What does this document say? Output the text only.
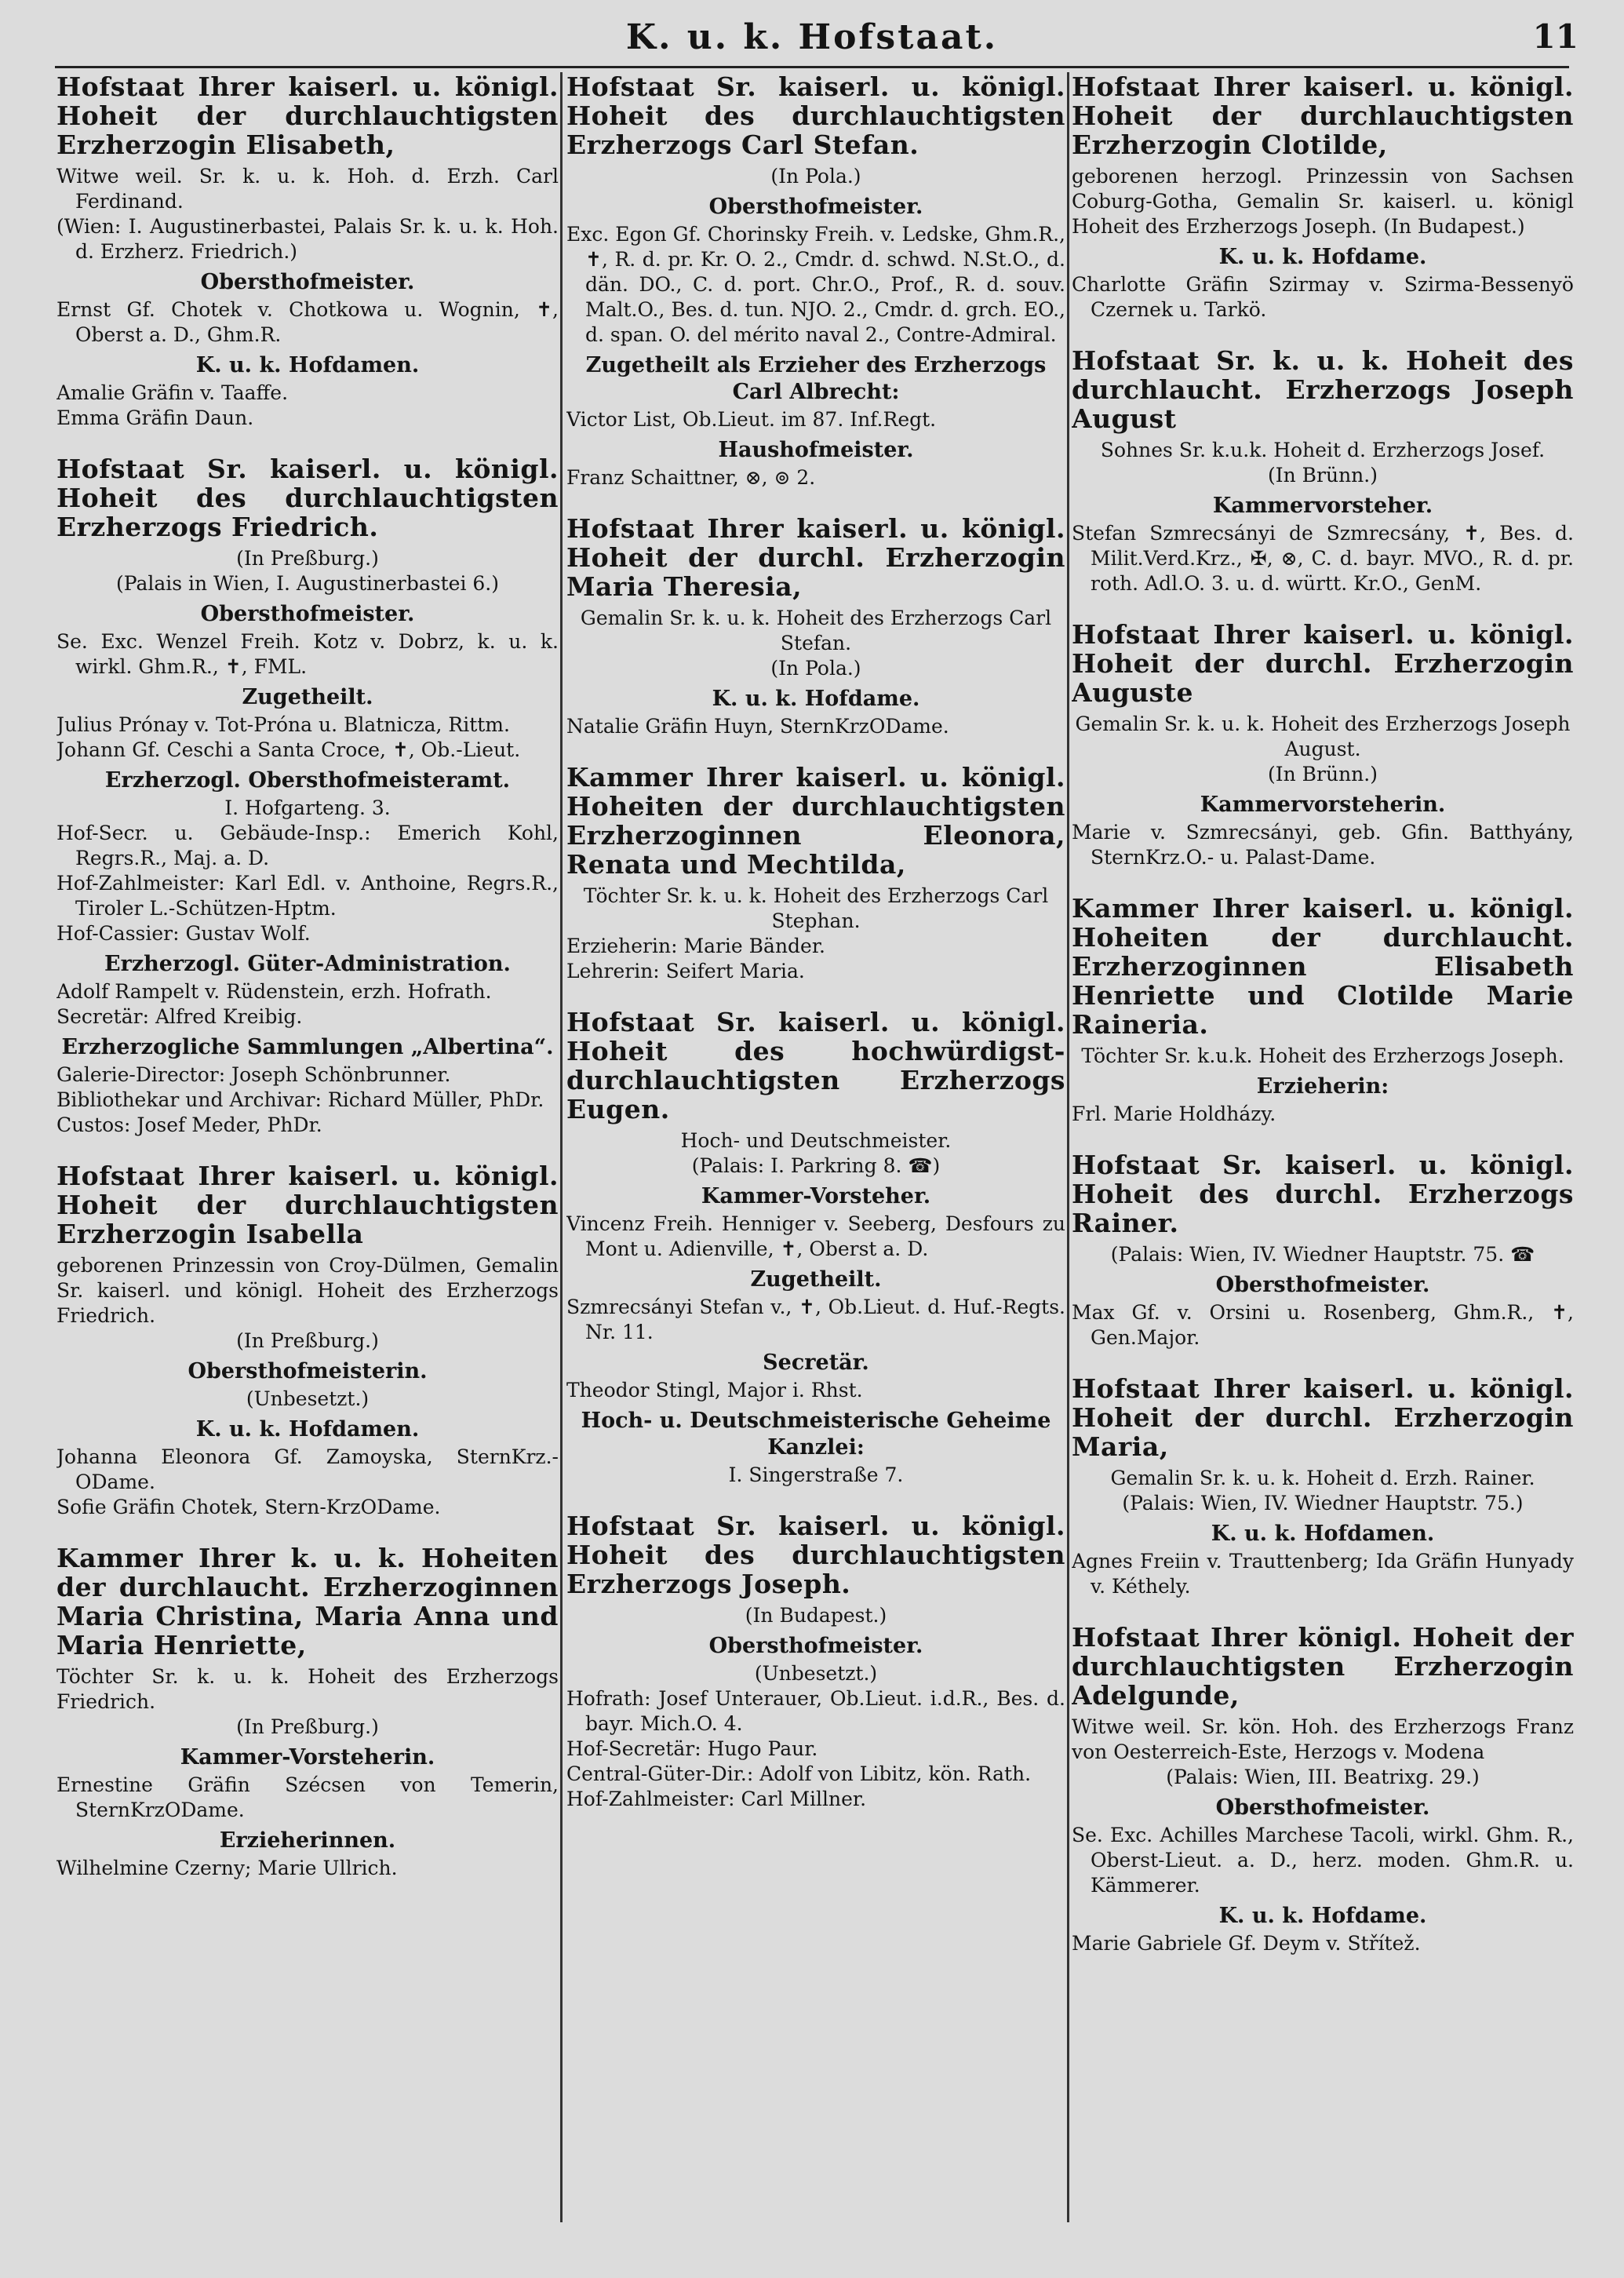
K. u. k. Hofstaat.	11
Hofstaat Ihrer kaiserl. u. königl. Hoheit der durchlauchtigsten Erzherzogin Elisabeth,
Witwe weil. Sr. k. u. k. Hoh. d. Erzh. Carl Ferdinand.
(Wien: I. Augustinerbastei, Palais Sr. k. u. k. Hoh. d. Erzherz. Friedrich.)
Obersthofmeister.
Ernst Gf. Chotek v. Chotkowa u. Wognin, ✝, Oberst a. D., Ghm.R.
K. u. k. Hofdamen.
Amalie Gräfin v. Taaffe.
Emma Gräfin Daun.
Hofstaat Sr. kaiserl. u. königl. Hoheit des durchlauchtigsten Erzherzogs Friedrich.
(In Preßburg.)
(Palais in Wien, I. Augustinerbastei 6.)
Obersthofmeister.
Se. Exc. Wenzel Freih. Kotz v. Dobrz, k. u. k. wirkl. Ghm.R., ✝, FML.
Zugetheilt.
Julius Prónay v. Tot-Próna u. Blatnicza, Rittm.
Johann Gf. Ceschi a Santa Croce, ✝, Ob.-Lieut.
Erzherzogl. Obersthofmeisteramt.
I. Hofgarteng. 3.
Hof-Secr. u. Gebäude-Insp.: Emerich Kohl, Regrs.R., Maj. a. D.
Hof-Zahlmeister: Karl Edl. v. Anthoine, Regrs.R., Tiroler L.-Schützen-Hptm.
Hof-Cassier: Gustav Wolf.
Erzherzogl. Güter-Administration.
Adolf Rampelt v. Rüdenstein, erzh. Hofrath.
Secretär: Alfred Kreibig.
Erzherzogliche Sammlungen „Albertina“.
Galerie-Director: Joseph Schönbrunner.
Bibliothekar und Archivar: Richard Müller, PhDr.
Custos: Josef Meder, PhDr.
Hofstaat Ihrer kaiserl. u. königl. Hoheit der durchlauchtigsten Erzherzogin Isabella
geborenen Prinzessin von Croy-Dülmen, Gemalin Sr. kaiserl. und königl. Hoheit des Erzherzogs Friedrich.
(In Preßburg.)
Obersthofmeisterin.
(Unbesetzt.)
K. u. k. Hofdamen.
Johanna Eleonora Gf. Zamoyska, SternKrz.-ODame.
Sofie Gräfin Chotek, Stern-KrzODame.
Kammer Ihrer k. u. k. Hoheiten der durchlaucht. Erzherzoginnen Maria Christina, Maria Anna und Maria Henriette,
Töchter Sr. k. u. k. Hoheit des Erzherzogs Friedrich.
(In Preßburg.)
Kammer-Vorsteherin.
Ernestine Gräfin Szécsen von Temerin, SternKrzODame.
Erzieherinnen.
Wilhelmine Czerny; Marie Ullrich.
Hofstaat Sr. kaiserl. u. königl. Hoheit des durchlauchtigsten Erzherzogs Carl Stefan.
(In Pola.)
Obersthofmeister.
Exc. Egon Gf. Chorinsky Freih. v. Ledske, Ghm.R., ✝, R. d. pr. Kr. O. 2., Cmdr. d. schwd. N.St.O., d. dän. DO., C. d. port. Chr.O., Prof., R. d. souv. Malt.O., Bes. d. tun. NJO. 2., Cmdr. d. grch. EO., d. span. O. del mérito naval 2., Contre-Admiral.
Zugetheilt als Erzieher des Erzherzogs Carl Albrecht:
Victor List, Ob.Lieut. im 87. Inf.Regt.
Haushofmeister.
Franz Schaittner, ⊗, ⊚ 2.
Hofstaat Ihrer kaiserl. u. königl. Hoheit der durchl. Erzherzogin Maria Theresia,
Gemalin Sr. k. u. k. Hoheit des Erzherzogs Carl Stefan.
(In Pola.)
K. u. k. Hofdame.
Natalie Gräfin Huyn, SternKrzODame.
Kammer Ihrer kaiserl. u. königl. Hoheiten der durchlauchtigsten Erzherzoginnen Eleonora, Renata und Mechtilda,
Töchter Sr. k. u. k. Hoheit des Erzherzogs Carl Stephan.
Erzieherin: Marie Bänder.
Lehrerin: Seifert Maria.
Hofstaat Sr. kaiserl. u. königl. Hoheit des hochwürdigst-durchlauchtigsten Erzherzogs Eugen.
Hoch- und Deutschmeister.
(Palais: I. Parkring 8. ☎)
Kammer-Vorsteher.
Vincenz Freih. Henniger v. Seeberg, Desfours zu Mont u. Adienville, ✝, Oberst a. D.
Zugetheilt.
Szmrecsányi Stefan v., ✝, Ob.Lieut. d. Huf.-Regts. Nr. 11.
Secretär.
Theodor Stingl, Major i. Rhst.
Hoch- u. Deutschmeisterische Geheime Kanzlei:
I. Singerstraße 7.
Hofstaat Sr. kaiserl. u. königl. Hoheit des durchlauchtigsten Erzherzogs Joseph.
(In Budapest.)
Obersthofmeister.
(Unbesetzt.)
Hofrath: Josef Unterauer, Ob.Lieut. i.d.R., Bes. d. bayr. Mich.O. 4.
Hof-Secretär: Hugo Paur.
Central-Güter-Dir.: Adolf von Libitz, kön. Rath.
Hof-Zahlmeister: Carl Millner.
Hofstaat Ihrer kaiserl. u. königl. Hoheit der durchlauchtigsten Erzherzogin Clotilde,
geborenen herzogl. Prinzessin von Sachsen Coburg-Gotha, Gemalin Sr. kaiserl. u. königl Hoheit des Erzherzogs Joseph. (In Budapest.)
K. u. k. Hofdame.
Charlotte Gräfin Szirmay v. Szirma-Bessenyö Czernek u. Tarkö.
Hofstaat Sr. k. u. k. Hoheit des durchlaucht. Erzherzogs Joseph August
Sohnes Sr. k.u.k. Hoheit d. Erzherzogs Josef.
(In Brünn.)
Kammervorsteher.
Stefan Szmrecsányi de Szmrecsány, ✝, Bes. d. Milit.Verd.Krz., ✠, ⊗, C. d. bayr. MVO., R. d. pr. roth. Adl.O. 3. u. d. württ. Kr.O., GenM.
Hofstaat Ihrer kaiserl. u. königl. Hoheit der durchl. Erzherzogin Auguste
Gemalin Sr. k. u. k. Hoheit des Erzherzogs Joseph August.
(In Brünn.)
Kammervorsteherin.
Marie v. Szmrecsányi, geb. Gfin. Batthyány, SternKrz.O.- u. Palast-Dame.
Kammer Ihrer kaiserl. u. königl. Hoheiten der durchlaucht. Erzherzoginnen Elisabeth Henriette und Clotilde Marie Raineria.
Töchter Sr. k.u.k. Hoheit des Erzherzogs Joseph.
Erzieherin:
Frl. Marie Holdházy.
Hofstaat Sr. kaiserl. u. königl. Hoheit des durchl. Erzherzogs Rainer.
(Palais: Wien, IV. Wiedner Hauptstr. 75. ☎
Obersthofmeister.
Max Gf. v. Orsini u. Rosenberg, Ghm.R., ✝, Gen.Major.
Hofstaat Ihrer kaiserl. u. königl. Hoheit der durchl. Erzherzogin Maria,
Gemalin Sr. k. u. k. Hoheit d. Erzh. Rainer.
(Palais: Wien, IV. Wiedner Hauptstr. 75.)
K. u. k. Hofdamen.
Agnes Freiin v. Trauttenberg; Ida Gräfin Hunyady v. Kéthely.
Hofstaat Ihrer königl. Hoheit der durchlauchtigsten Erzherzogin Adelgunde,
Witwe weil. Sr. kön. Hoh. des Erzherzogs Franz von Oesterreich-Este, Herzogs v. Modena
(Palais: Wien, III. Beatrixg. 29.)
Obersthofmeister.
Se. Exc. Achilles Marchese Tacoli, wirkl. Ghm. R., Oberst-Lieut. a. D., herz. moden. Ghm.R. u. Kämmerer.
K. u. k. Hofdame.
Marie Gabriele Gf. Deym v. Střítež.
